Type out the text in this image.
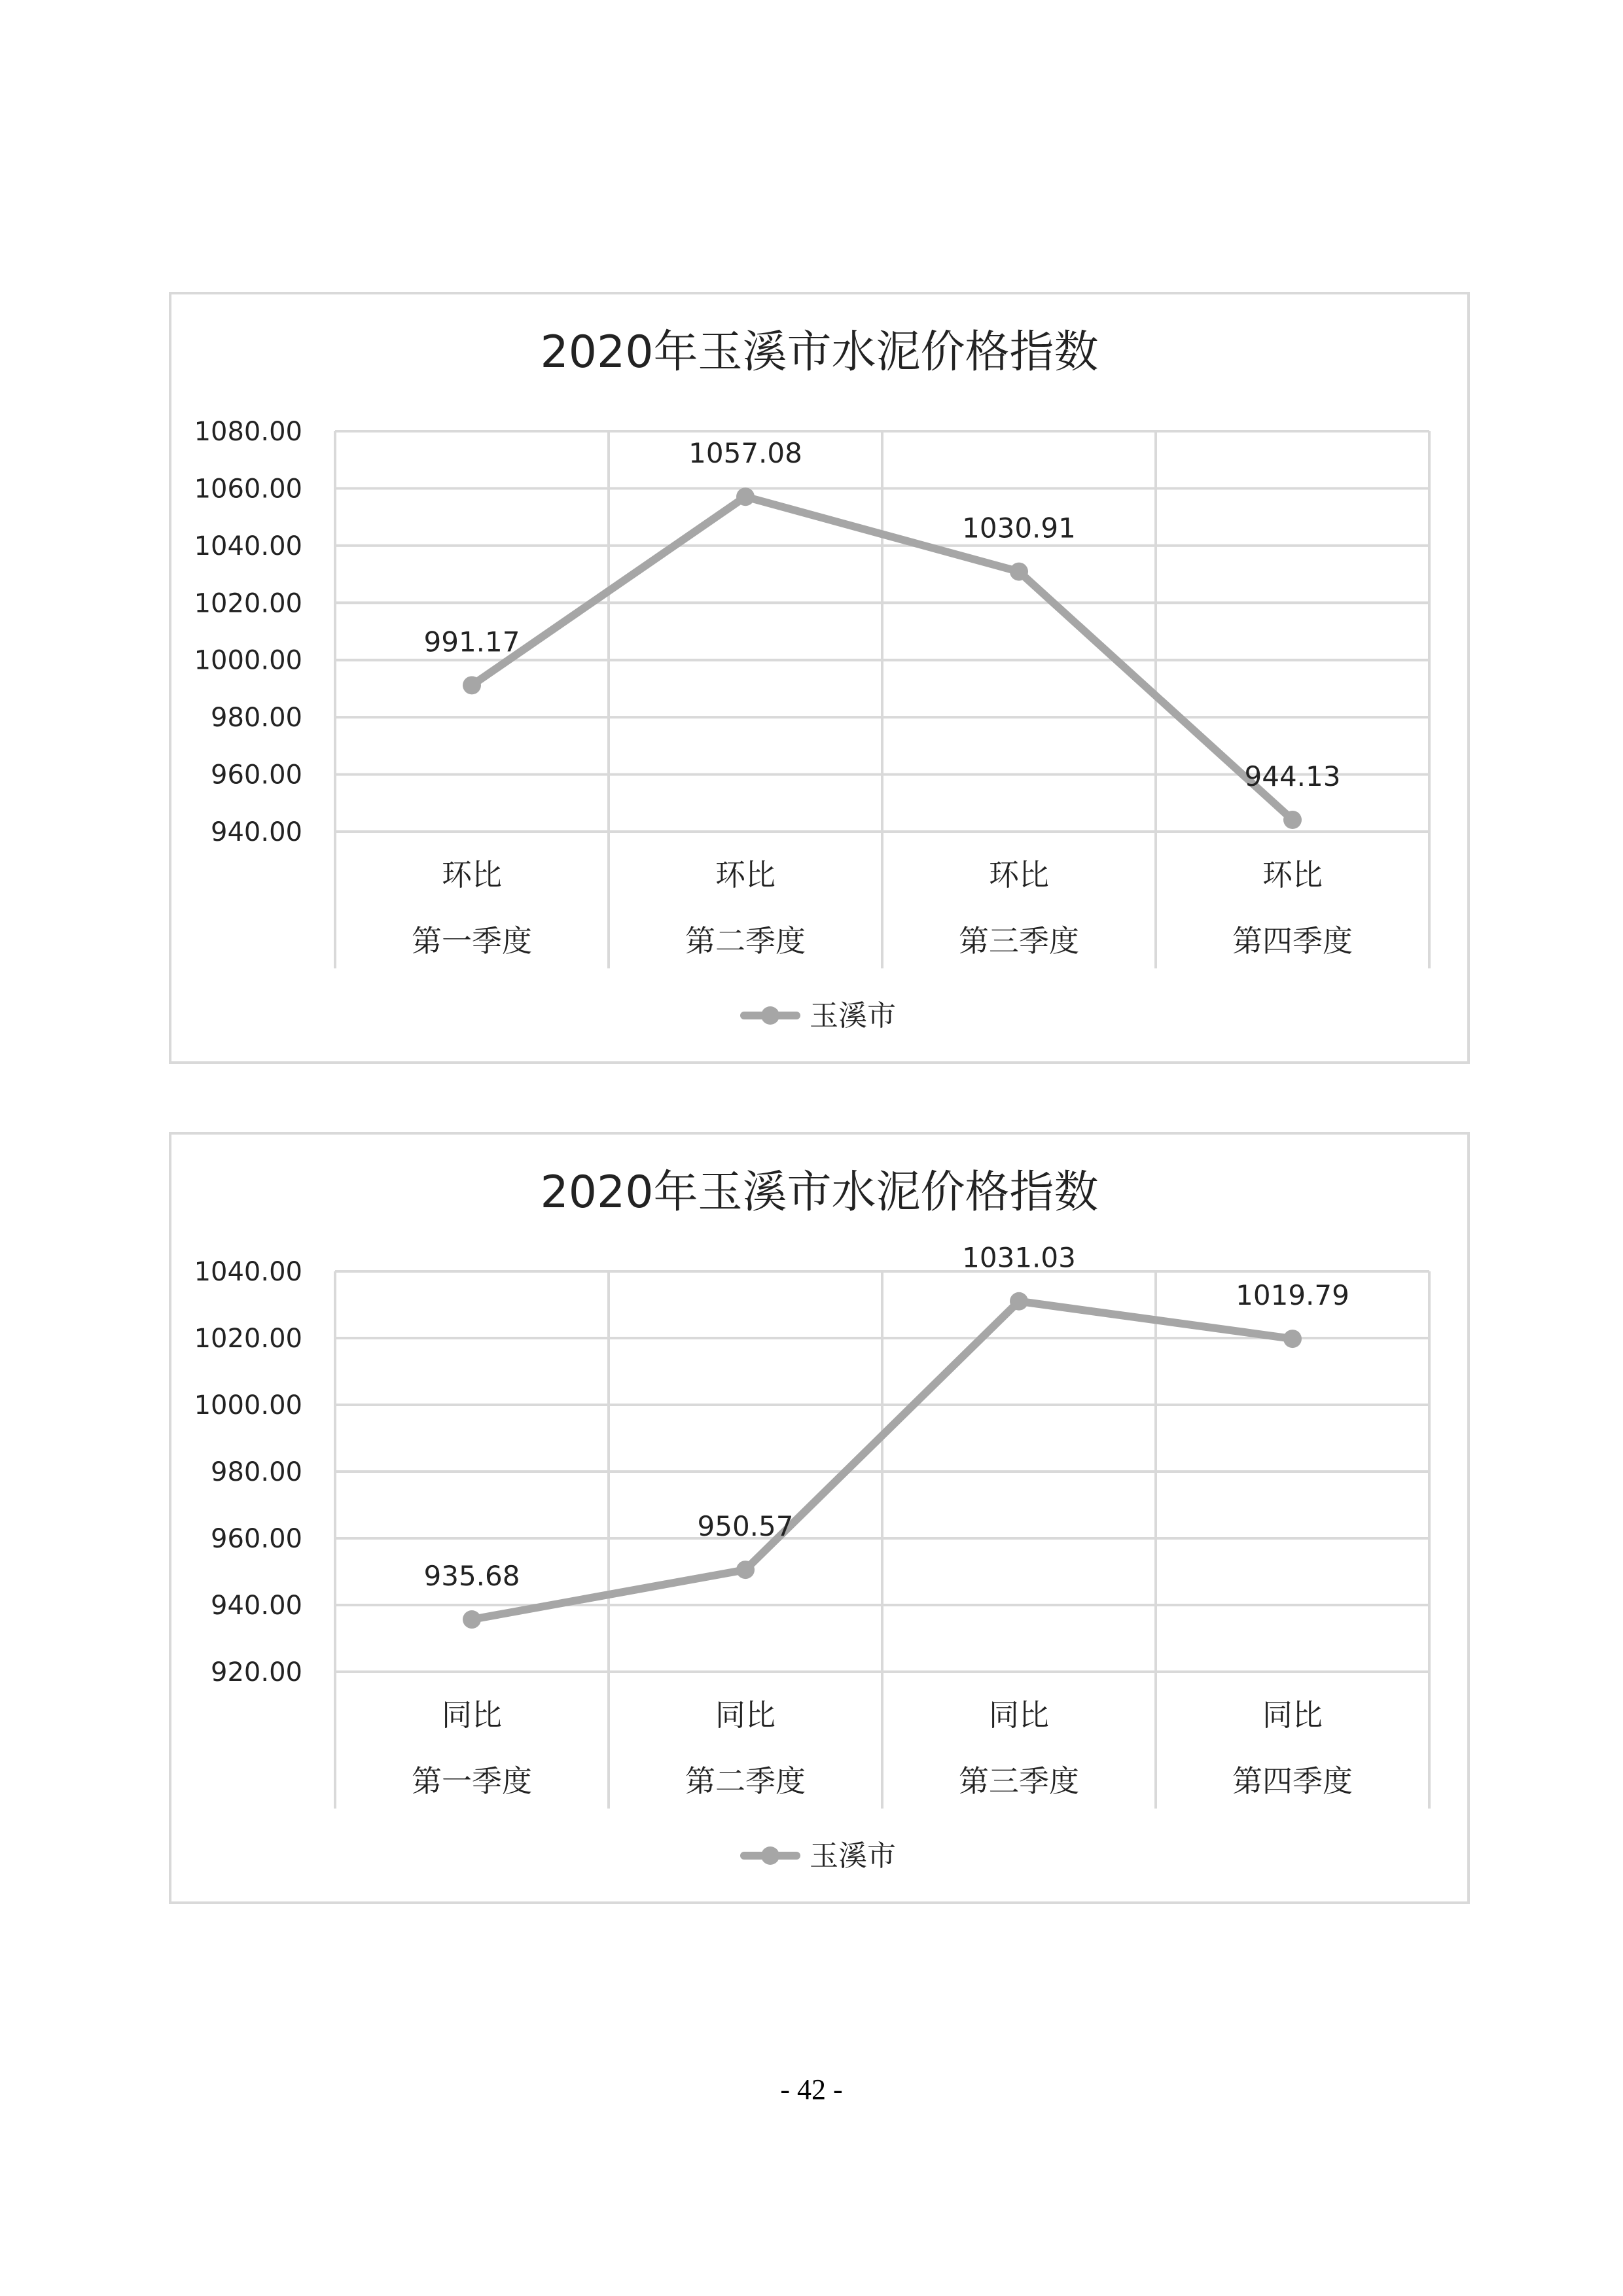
2020年玉溪市水泥价格指数
940.00
960.00
980.00
1000.00
1020.00
1040.00
1060.00
1080.00
环比
第一季度
环比
第二季度
环比
第三季度
环比
第四季度
991.17
1057.08
1030.91
944.13
玉溪市
2020年玉溪市水泥价格指数
920.00
940.00
960.00
980.00
1000.00
1020.00
1040.00
同比
第一季度
同比
第二季度
同比
第三季度
同比
第四季度
935.68
950.57
1031.03
1019.79
玉溪市
- 42 -
